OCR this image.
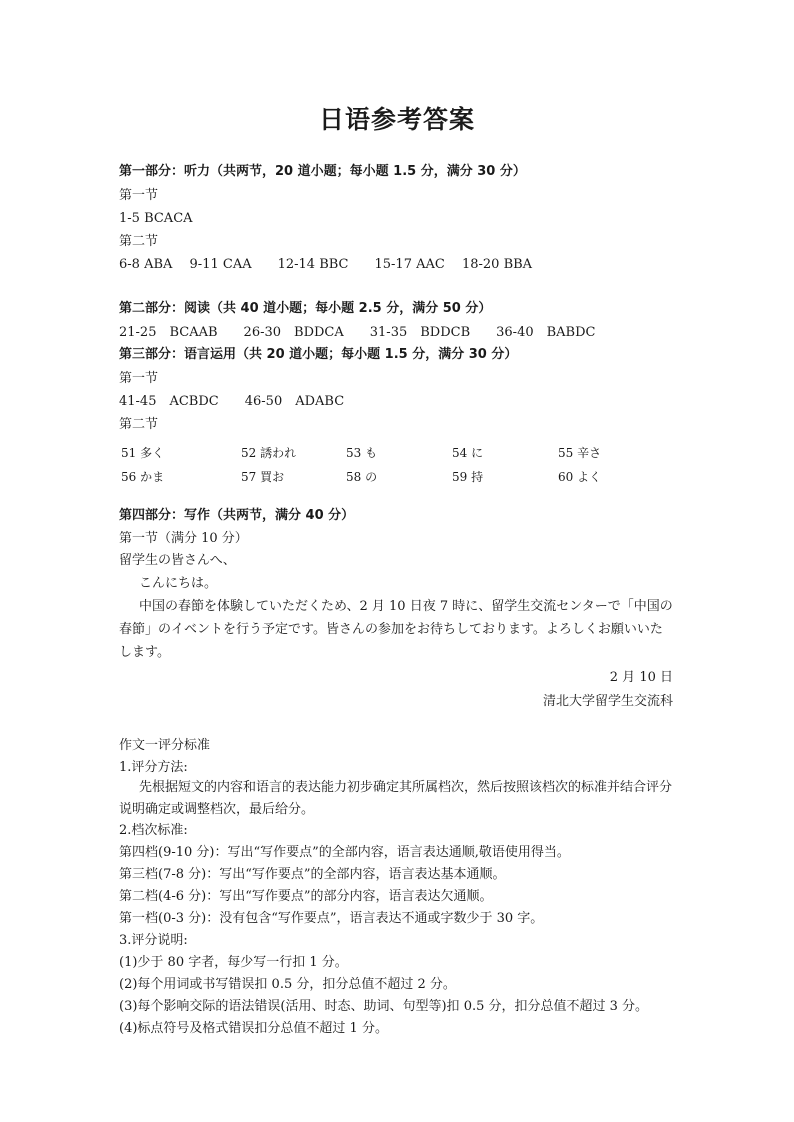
日语参考答案
第一部分：听力（共两节，20 道小题；每小题 1.5 分，满分 30 分）
第一节
1-5 BCACA
第二节
6-8 ABA　 9-11 CAA　　12-14 BBC　　15-17 AAC　 18-20 BBA
第二部分：阅读（共 40 道小题；每小题 2.5 分，满分 50 分）
21-25　BCAAB　　26-30　BDDCA　　31-35　BDDCB　　36-40　BABDC
第三部分：语言运用（共 20 道小题；每小题 1.5 分，满分 30 分）
第一节
41-45　ACBDC　　46-50　ADABC
第二节
51 多く	52 誘われ	53 も	54 に	55 辛さ
56 かま	57 買お	58 の	59 持	60 よく
第四部分：写作（共两节，满分 40 分）
第一节（满分 10 分）
留学生の皆さんへ、
こんにちは。
中国の春節を体験していただくため、2 月 10 日夜 7 時に、留学生交流センターで「中国の春節」のイベントを行う予定です。皆さんの参加をお待ちしております。よろしくお願いいたします。
2 月 10 日
清北大学留学生交流科
作文一评分标准
1.评分方法:
先根据短文的内容和语言的表达能力初步确定其所属档次，然后按照该档次的标准并结合评分说明确定或调整档次，最后给分。
2.档次标准:
第四档(9-10 分)：写出“写作要点”的全部内容，语言表达通顺,敬语使用得当。
第三档(7-8 分)：写出“写作要点”的全部内容，语言表达基本通顺。
第二档(4-6 分)：写出“写作要点”的部分内容，语言表达欠通顺。
第一档(0-3 分)：没有包含“写作要点”，语言表达不通或字数少于 30 字。
3.评分说明:
(1)少于 80 字者，每少写一行扣 1 分。
(2)每个用词或书写错误扣 0.5 分，扣分总值不超过 2 分。
(3)每个影响交际的语法错误(活用、时态、助词、句型等)扣 0.5 分，扣分总值不超过 3 分。
(4)标点符号及格式错误扣分总值不超过 1 分。
